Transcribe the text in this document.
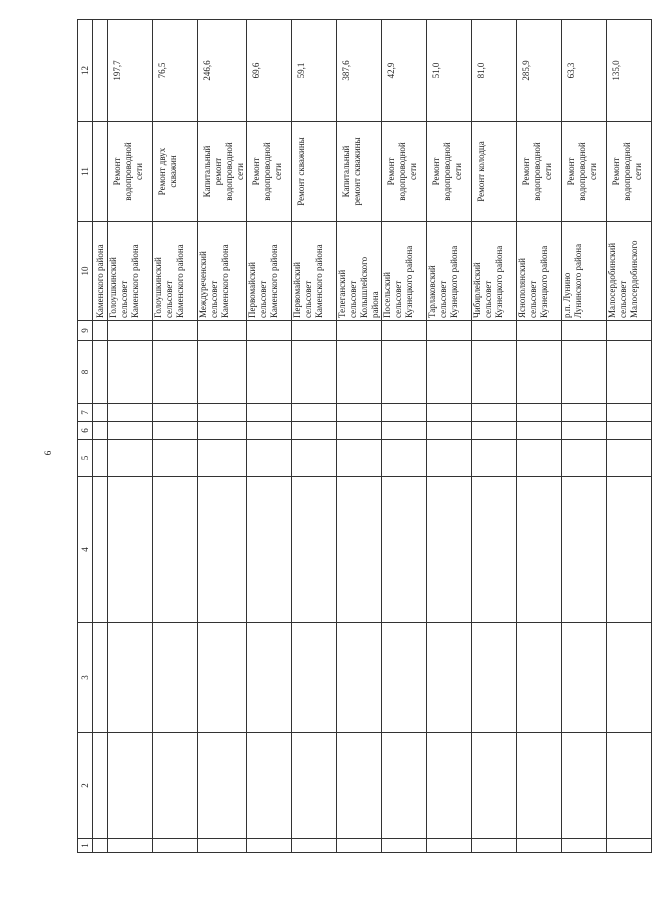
6
1	2	3	4	5	6	7	8	9	10	11	12
									Каменского района		
									Голоушкинский
сельсовет
Каменского района	Ремонт
водопроводной
сети	197,7
									Голоушкинский
сельсовет
Каменского района	Ремонт двух
скважин	76,5
									Междуреченский
сельсовет
Каменского района	Капитальный
ремонт
водопроводной
сети	246,6
									Первомайский
сельсовет
Каменского района	Ремонт
водопроводной
сети	69,6
									Первомайский
сельсовет
Каменского района	Ремонт скважины	59,1
									Телеганский
сельсовет
Колышлейского
района	Капитальный
ремонт скважины	387,6
									Посельский
сельсовет
Кузнецкого района	Ремонт
водопроводной
сети	42,9
									Тарлаковский
сельсовет
Кузнецкого района	Ремонт
водопроводной
сети	51,0
									Чибирлейский
сельсовет
Кузнецкого района	Ремонт колодца	81,0
									Яснополянский
сельсовет
Кузнецкого района	Ремонт
водопроводной
сети	285,9
									р.п. Лунино
Лунинского района	Ремонт
водопроводной
сети	63,3
									Малосердобинский
сельсовет
Малосердобинского	Ремонт
водопроводной
сети	135,0
